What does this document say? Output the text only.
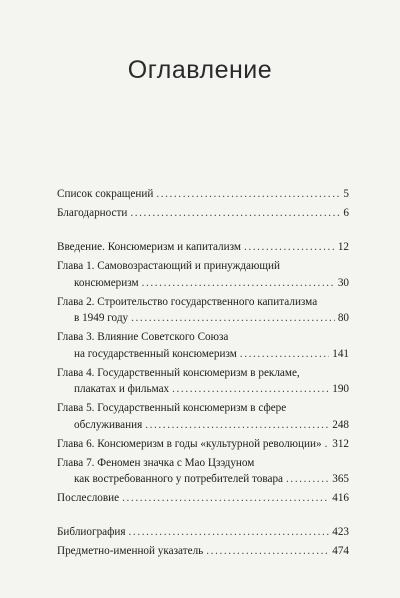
Оглавление
Список сокращений .....	5
Благодарности .....	6
Введение. Консюмеризм и капитализм .....	12
Глава 1. Самовозрастающий и принуждающий
консюмеризм .....	30
Глава 2. Строительство государственного капитализма
в 1949 году .....	80
Глава 3. Влияние Советского Союза
на государственный консюмеризм .....	141
Глава 4. Государственный консюмеризм в рекламе,
плакатах и фильмах .....	190
Глава 5. Государственный консюмеризм в сфере
обслуживания .....	248
Глава 6. Консюмеризм в годы «культурной революции» ..... 312
Глава 7. Феномен значка с Мао Цзэдуном
как востребованного у потребителей товара .....	365
Послесловие .....	416
Библиография .....	423
Предметно-именной указатель .....	474
